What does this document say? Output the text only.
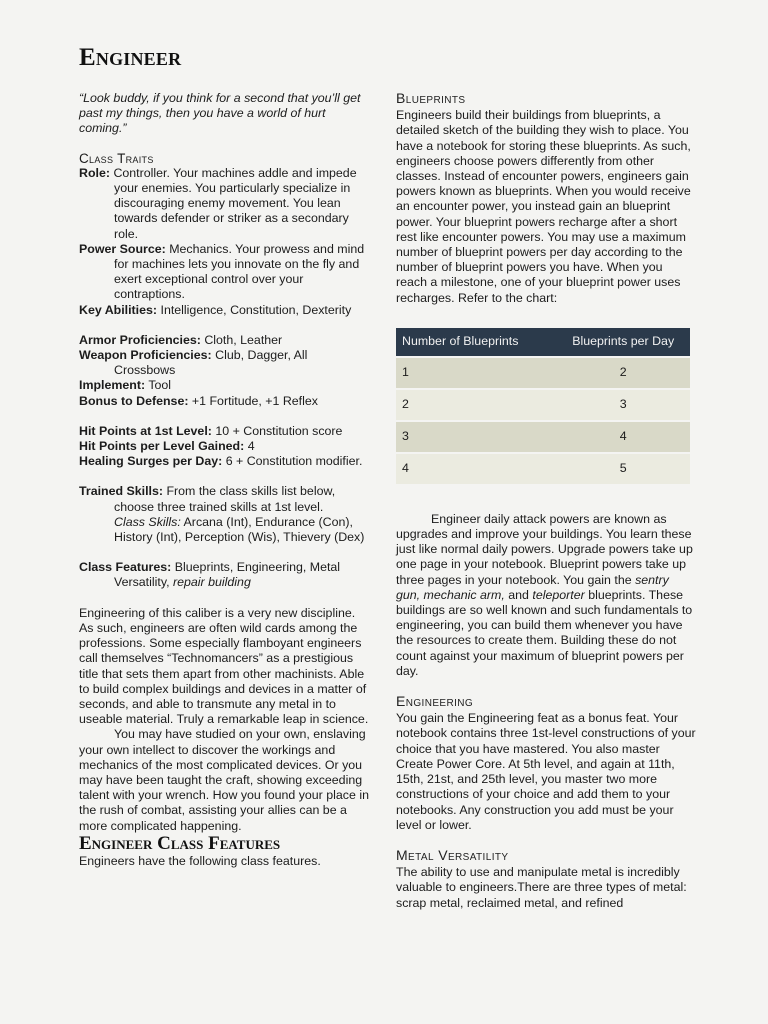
Engineer

“Look buddy, if you think for a second that you’ll get past my things, then you have a world of hurt coming.”

Class Traits

Role: Controller. Your machines addle and impede your enemies. You particularly specialize in discouraging enemy movement. You lean towards defender or striker as a secondary role.

Power Source: Mechanics. Your prowess and mind for machines lets you innovate on the fly and exert exceptional control over your contraptions.

Key Abilities: Intelligence, Constitution, Dexterity

Armor Proficiencies: Cloth, Leather

Weapon Proficiencies: Club, Dagger, All Crossbows

Implement: Tool

Bonus to Defense: +1 Fortitude, +1 Reflex

Hit Points at 1st Level: 10 + Constitution score

Hit Points per Level Gained: 4

Healing Surges per Day: 6 + Constitution modifier.

Trained Skills: From the class skills list below, choose three trained skills at 1st level.
Class Skills: Arcana (Int), Endurance (Con), History (Int), Perception (Wis), Thievery (Dex)

Class Features: Blueprints, Engineering, Metal Versatility, repair building

Engineering of this caliber is a very new discipline. As such, engineers are often wild cards among the professions. Some especially flamboyant engineers call themselves “Technomancers” as a prestigious title that sets them apart from other machinists. Able to build complex buildings and devices in a matter of seconds, and able to transmute any metal in to useable material. Truly a remarkable leap in science.

You may have studied on your own, enslaving your own intellect to discover the workings and mechanics of the most complicated devices. Or you may have been taught the craft, showing exceeding talent with your wrench. How you found your place in the rush of combat, assisting your allies can be a more complicated happening.

Engineer Class Features

Engineers have the following class features.

Blueprints

Engineers build their buildings from blueprints, a detailed sketch of the building they wish to place. You have a notebook for storing these blueprints. As such, engineers choose powers differently from other classes. Instead of encounter powers, engineers gain powers known as blueprints. When you would receive an encounter power, you instead gain an blueprint power. Your blueprint powers recharge after a short rest like encounter powers. You may use a maximum number of blueprint powers per day according to the number of blueprint powers you have. When you reach a milestone, one of your blueprint power uses recharges. Refer to the chart:

Number of Blueprints	Blueprints per Day
1	2
2	3
3	4
4	5

Engineer daily attack powers are known as upgrades and improve your buildings. You learn these just like normal daily powers. Upgrade powers take up one page in your notebook. Blueprint powers take up three pages in your notebook. You gain the sentry gun, mechanic arm, and teleporter blueprints. These buildings are so well known and such fundamentals to engineering, you can build them whenever you have the resources to create them. Building these do not count against your maximum of blueprint powers per day.

Engineering

You gain the Engineering feat as a bonus feat. Your notebook contains three 1st-level constructions of your choice that you have mastered. You also master Create Power Core. At 5th level, and again at 11th, 15th, 21st, and 25th level, you master two more constructions of your choice and add them to your notebooks. Any construction you add must be your level or lower.

Metal Versatility

The ability to use and manipulate metal is incredibly valuable to engineers.There are three types of metal: scrap metal, reclaimed metal, and refined
